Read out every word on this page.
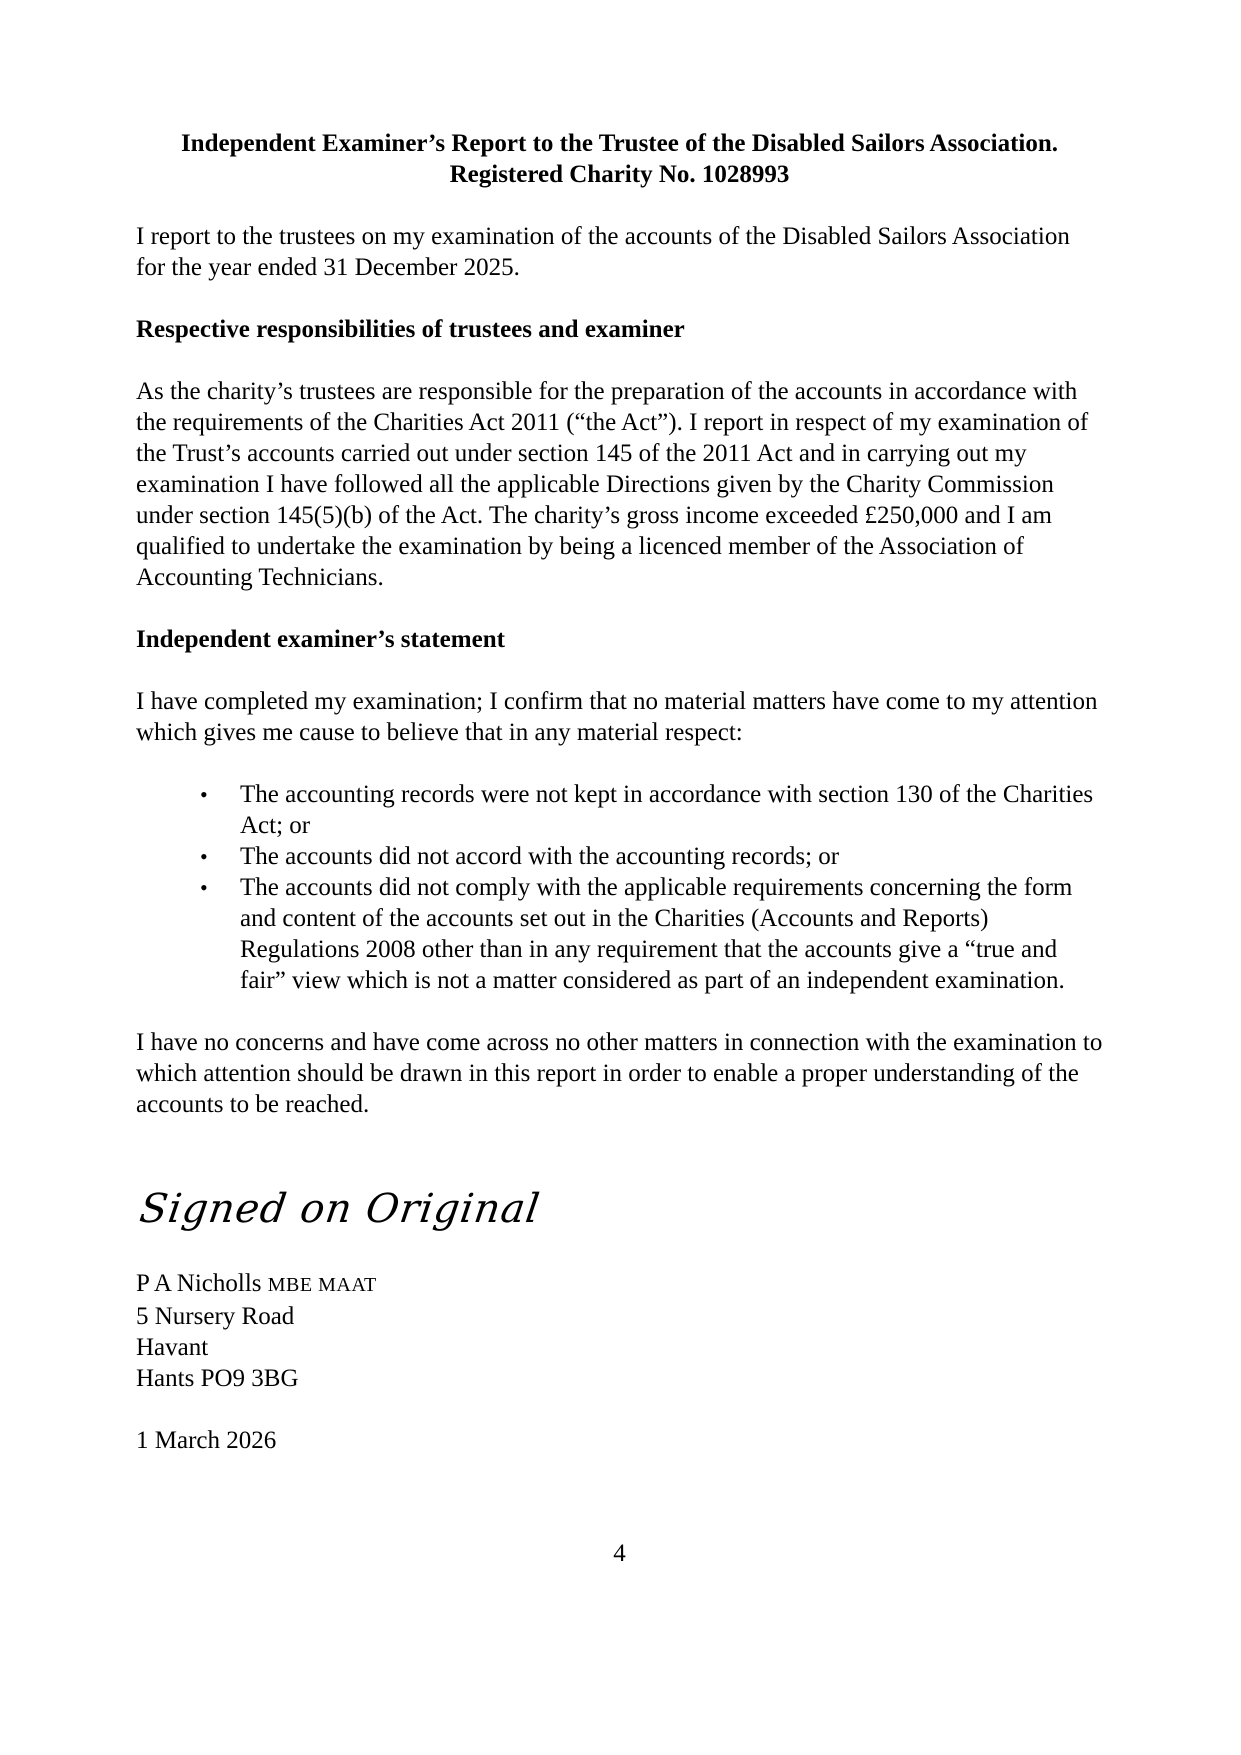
Independent Examiner’s Report to the Trustee of the Disabled Sailors Association.
Registered Charity No. 1028993

I report to the trustees on my examination of the accounts of the Disabled Sailors Association for the year ended 31 December 2025.

Respective responsibilities of trustees and examiner

As the charity’s trustees are responsible for the preparation of the accounts in accordance with the requirements of the Charities Act 2011 (“the Act”). I report in respect of my examination of the Trust’s accounts carried out under section 145 of the 2011 Act and in carrying out my examination I have followed all the applicable Directions given by the Charity Commission under section 145(5)(b) of the Act. The charity’s gross income exceeded £250,000 and I am qualified to undertake the examination by being a licenced member of the Association of Accounting Technicians.

Independent examiner’s statement

I have completed my examination; I confirm that no material matters have come to my attention which gives me cause to believe that in any material respect:

• The accounting records were not kept in accordance with section 130 of the Charities Act; or
• The accounts did not accord with the accounting records; or
• The accounts did not comply with the applicable requirements concerning the form and content of the accounts set out in the Charities (Accounts and Reports) Regulations 2008 other than in any requirement that the accounts give a “true and fair” view which is not a matter considered as part of an independent examination.

I have no concerns and have come across no other matters in connection with the examination to which attention should be drawn in this report in order to enable a proper understanding of the accounts to be reached.

Signed on Original
P A Nicholls MBE MAAT
5 Nursery Road
Havant
Hants PO9 3BG
1 March 2026
4
